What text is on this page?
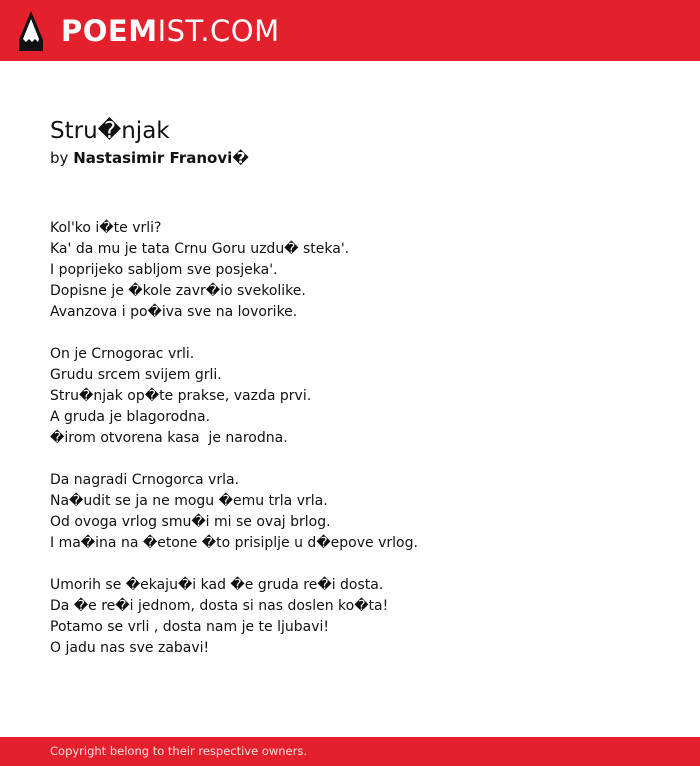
POEMIST.COM
Stru�njak
by Nastasimir Franovi�
Kol'ko i�te vrli?
Ka' da mu je tata Crnu Goru uzdu� steka'.
I poprijeko sabljom sve posjeka'.
Dopisne je �kole zavr�io svekolike.
Avanzova i po�iva sve na lovorike.
On je Crnogorac vrli.
Grudu srcem svijem grli.
Stru�njak op�te prakse, vazda prvi.
A gruda je blagorodna.
�irom otvorena kasa  je narodna.
Da nagradi Crnogorca vrla.
Na�udit se ja ne mogu �emu trla vrla.
Od ovoga vrlog smu�i mi se ovaj brlog.
I ma�ina na �etone �to prisiplje u d�epove vrlog.
Umorih se �ekaju�i kad �e gruda re�i dosta.
Da �e re�i jednom, dosta si nas doslen ko�ta!
Potamo se vrli , dosta nam je te ljubavi!
O jadu nas sve zabavi!
Copyright belong to their respective owners.
